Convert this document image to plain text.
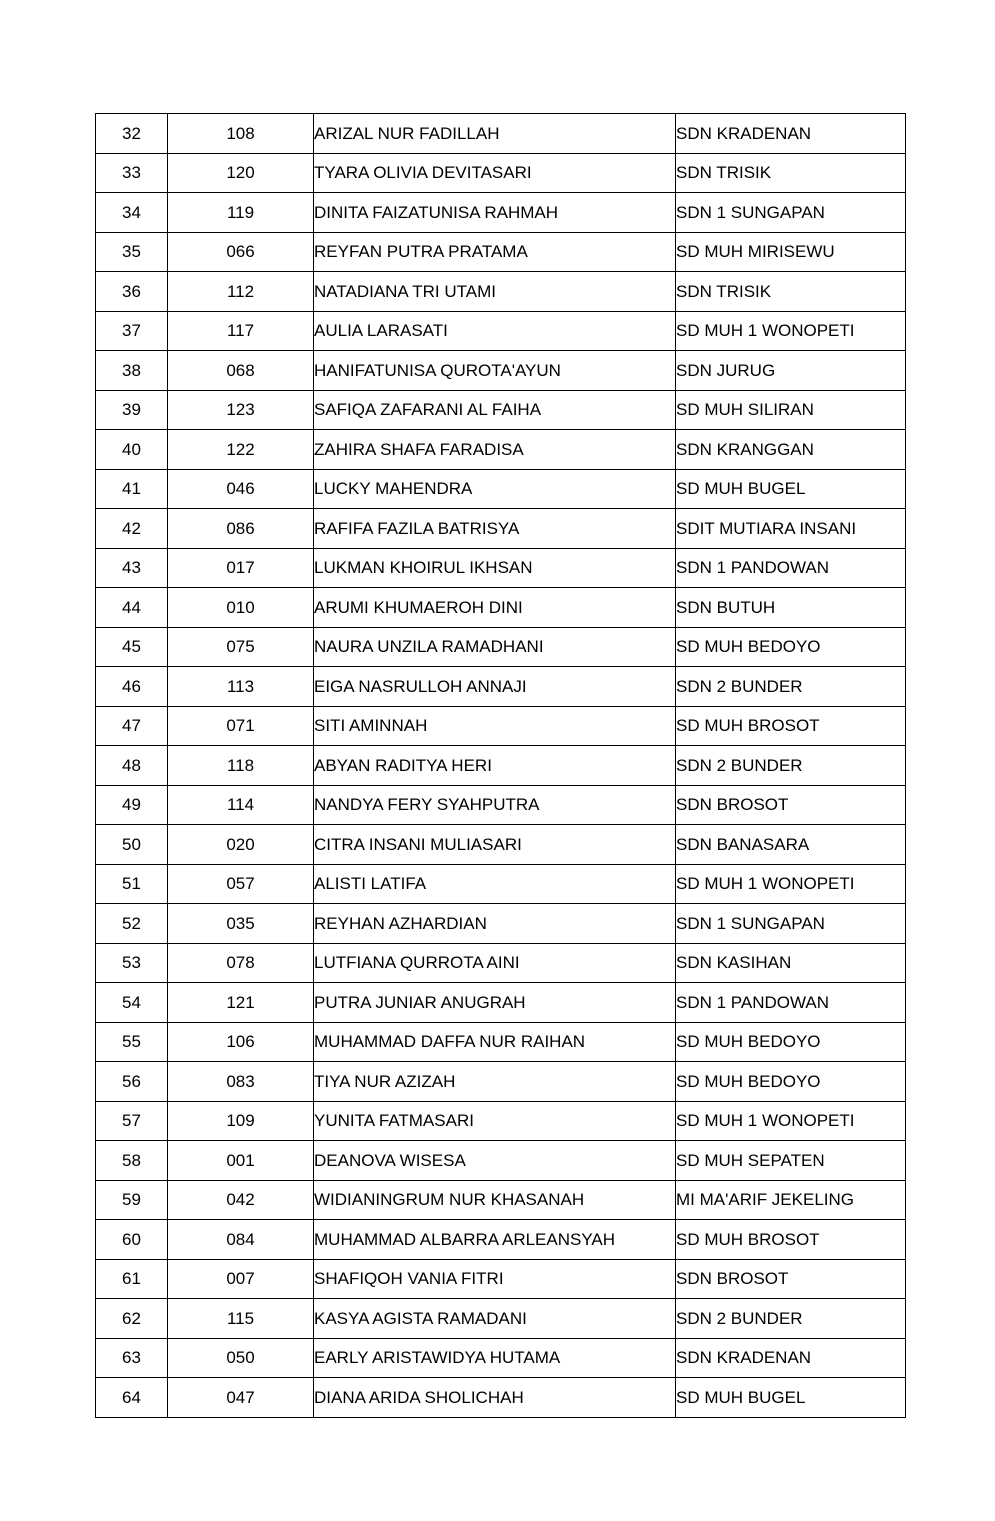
32	108	ARIZAL NUR FADILLAH	SDN KRADENAN
33	120	TYARA OLIVIA DEVITASARI	SDN TRISIK
34	119	DINITA FAIZATUNISA RAHMAH	SDN 1 SUNGAPAN
35	066	REYFAN PUTRA PRATAMA	SD MUH MIRISEWU
36	112	NATADIANA TRI UTAMI	SDN TRISIK
37	117	AULIA LARASATI	SD MUH 1 WONOPETI
38	068	HANIFATUNISA QUROTA'AYUN	SDN JURUG
39	123	SAFIQA ZAFARANI AL FAIHA	SD MUH SILIRAN
40	122	ZAHIRA SHAFA FARADISA	SDN KRANGGAN
41	046	LUCKY MAHENDRA	SD MUH BUGEL
42	086	RAFIFA FAZILA BATRISYA	SDIT MUTIARA INSANI
43	017	LUKMAN KHOIRUL IKHSAN	SDN 1 PANDOWAN
44	010	ARUMI KHUMAEROH DINI	SDN BUTUH
45	075	NAURA UNZILA RAMADHANI	SD MUH BEDOYO
46	113	EIGA NASRULLOH ANNAJI	SDN 2 BUNDER
47	071	SITI AMINNAH	SD MUH BROSOT
48	118	ABYAN RADITYA HERI	SDN 2 BUNDER
49	114	NANDYA FERY SYAHPUTRA	SDN BROSOT
50	020	CITRA INSANI MULIASARI	SDN BANASARA
51	057	ALISTI LATIFA	SD MUH 1 WONOPETI
52	035	REYHAN AZHARDIAN	SDN 1 SUNGAPAN
53	078	LUTFIANA QURROTA AINI	SDN KASIHAN
54	121	PUTRA JUNIAR ANUGRAH	SDN 1 PANDOWAN
55	106	MUHAMMAD DAFFA NUR RAIHAN	SD MUH BEDOYO
56	083	TIYA NUR AZIZAH	SD MUH BEDOYO
57	109	YUNITA FATMASARI	SD MUH 1 WONOPETI
58	001	DEANOVA WISESA	SD MUH SEPATEN
59	042	WIDIANINGRUM NUR KHASANAH	MI MA'ARIF JEKELING
60	084	MUHAMMAD ALBARRA ARLEANSYAH	SD MUH BROSOT
61	007	SHAFIQOH VANIA FITRI	SDN BROSOT
62	115	KASYA AGISTA RAMADANI	SDN 2 BUNDER
63	050	EARLY ARISTAWIDYA HUTAMA	SDN KRADENAN
64	047	DIANA ARIDA SHOLICHAH	SD MUH BUGEL
